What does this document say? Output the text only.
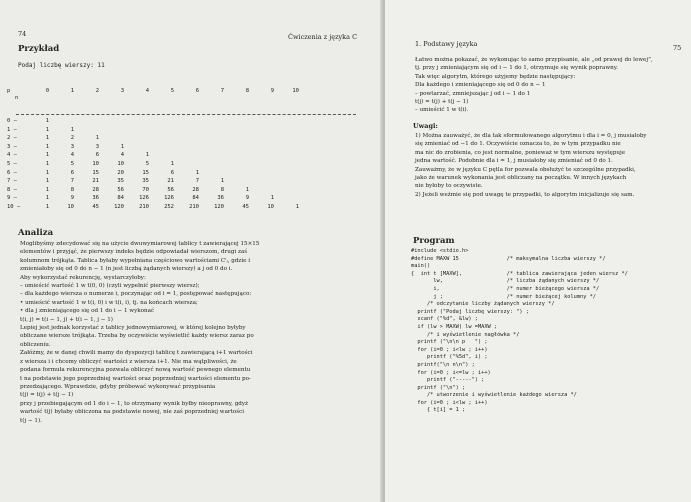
74	Ćwiczenia z języka C
Przykład
Podaj liczbę wierszy: 11
n
p	0	1	2	3	4	5	6	7	8	9	10
0 —	1
1 —	1	1
2 —	1	2	1
3 —	1	3	3	1
4 —	1	4	6	4	1
5 —	1	5	10	10	5	1
6 —	1	6	15	20	15	6	1
7 —	1	7	21	35	35	21	7	1
8 —	1	8	28	56	70	56	28	8	1
9 —	1	9	36	84	126	126	84	36	9	1
10 —	1	10	45	120	210	252	210	120	45	10	1
Analiza
Moglibyśmy zdecydować się na użycie dwuwymiarowej tablicy t zawierającej 15×15
elementów i przyjąć, że pierwszy indeks będzie odpowiadał wierszom, drugi zaś
kolumnom trójkąta. Tablica byłaby wypełniana częściowo wartościami Cⁱⱼ, gdzie i
zmieniałoby się od 0 do n − 1 (n jest liczbą żądanych wierszy) a j od 0 do i.
Aby wykorzystać rekurencję, wystarczyłoby:
– umieścić wartość 1 w t(0, 0) (czyli wypełnić pierwszy wiersz);
– dla każdego wiersza o numerze i, poczynając od i = 1, postępować następująco:
• umieścić wartość 1 w t(i, 0) i w t(i, i), tj. na końcach wiersza;
• dla j zmieniającego się od 1 do i − 1 wykonać
t(i, j) = t(i − 1, j) + t(i − 1, j − 1)
Lepiej jest jednak korzystać z tablicy jednowymiarowej, w której kolejno byłyby
obliczane wiersze trójkąta. Trzeba by oczywiście wyświetlić każdy wiersz zaraz po
obliczeniu.
Załóżmy, że w danej chwili mamy do dyspozycji tablicę t zawierającą i+1 wartości
z wiersza i i chcemy obliczyć wartości z wiersza i+1. Nie ma wątpliwości, że
podana formuła rekurencyjna pozwala obliczyć nową wartość pewnego elementu
t na podstawie jego poprzedniej wartości oraz poprzedniej wartości elementu po-
przedzającego. Wprawdzie, gdyby próbować wykonywać przypisania
t(j) = t(j) + t(j − 1)
przy j przebiegającym od 1 do i − 1, to otrzymany wynik byłby nieoprawny, gdyż
wartość t(j) byłaby obliczona na podstawie nowej, nie zaś poprzedniej wartości
t(j − 1).
1. Podstawy języka	75
Łatwo można pokazać, że wykonując to samo przypisanie, ale „od prawej do lewej”,
tj. przy j zmieniającym się od i − 1 do 1, otrzymuje się wynik poprawny.
Tak więc algorytm, którego użyjemy będzie następujący:
Dla każdego i zmieniającego się od 0 do n − 1
– powtarzać, zmniejszając j od i − 1 do 1
t(j) = t(j) + t(j − 1)
– umieścić 1 w t(i).
Uwagi:
1) Można zauważyć, że dla tak sformułowanego algorytmu i dla i = 0, j musiałoby
się zmieniać od −1 do 1. Oczywiście oznacza to, że w tym przypadku nie
ma nic do zrobienia, co jest normalne, ponieważ w tym wierszu występuje
jedna wartość. Podobnie dla i = 1, j musiałoby się zmieniać od 0 do 1.
Zauważmy, że w języku C pętla for pozwala obsłużyć te szczególne przypadki,
jako że warunek wykonania jest obliczany na początku. W innych językach
nie byłoby to oczywiste.
2) Jeżeli weźmie się pod uwagę te przypadki, to algorytm inicjalizuje się sam.
Program
#include <stdio.h>
#define MAXW 15               /* maksymalna liczba wierszy */
main()
{  int t [MAXW],              /* tablica zawierająca jeden wiersz */
lw,                    /* liczba żądanych wierszy */
i,                     /* numer bieżącego wiersza */
j ;                    /* numer bieżącej kolumny */
/* odczytanie liczby żądanych wierszy */
printf ("Podaj liczbę wierszy: ") ;
scanf ("%d", &lw) ;
if (lw > MAXW) lw =MAXW ;
/* i wyświetlenie nagłówka */
printf ("\n\n p   ") ;
for (i=0 ; i<lw ; i++)
printf ("%5d", i) ;
printf("\n n\n") ;
for (i=0 ; i<=lw ; i++)
printf ("-----") ;
printf ("\n") ;
/* utworzenie i wyświetlenie każdego wiersza */
for (i=0 ; i<lw ; i++)
{ t[i] = 1 ;
